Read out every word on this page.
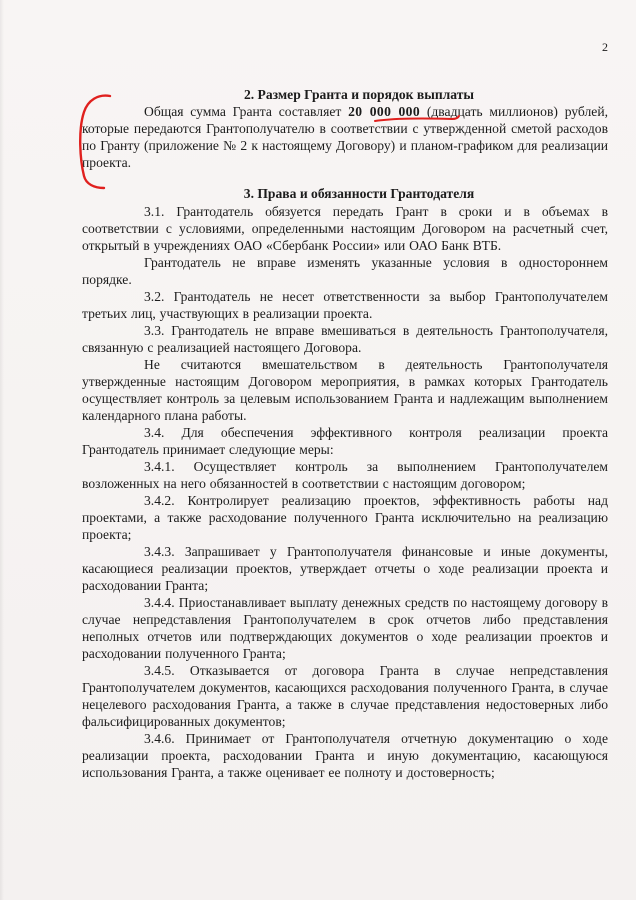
2

2. Размер Гранта и порядок выплаты

Общая сумма Гранта составляет 20 000 000 (двадцать миллионов) рублей, которые передаются Грантополучателю в соответствии с утвержденной сметой расходов по Гранту (приложение № 2 к настоящему Договору) и планом-графиком для реализации проекта.

3. Права и обязанности Грантодателя

3.1. Грантодатель обязуется передать Грант в сроки и в объемах в соответствии с условиями, определенными настоящим Договором на расчетный счет, открытый в учреждениях ОАО «Сбербанк России» или ОАО Банк ВТБ.

Грантодатель не вправе изменять указанные условия в одностороннем порядке.

3.2. Грантодатель не несет ответственности за выбор Грантополучателем третьих лиц, участвующих в реализации проекта.

3.3. Грантодатель не вправе вмешиваться в деятельность Грантополучателя, связанную с реализацией настоящего Договора.

Не считаются вмешательством в деятельность Грантополучателя утвержденные настоящим Договором мероприятия, в рамках которых Грантодатель осуществляет контроль за целевым использованием Гранта и надлежащим выполнением календарного плана работы.

3.4. Для обеспечения эффективного контроля реализации проекта Грантодатель принимает следующие меры:

3.4.1. Осуществляет контроль за выполнением Грантополучателем возложенных на него обязанностей в соответствии с настоящим договором;

3.4.2. Контролирует реализацию проектов, эффективность работы над проектами, а также расходование полученного Гранта исключительно на реализацию проекта;

3.4.3. Запрашивает у Грантополучателя финансовые и иные документы, касающиеся реализации проектов, утверждает отчеты о ходе реализации проекта и расходовании Гранта;

3.4.4. Приостанавливает выплату денежных средств по настоящему договору в случае непредставления Грантополучателем в срок отчетов либо представления неполных отчетов или подтверждающих документов о ходе реализации проектов и расходовании полученного Гранта;

3.4.5. Отказывается от договора Гранта в случае непредставления Грантополучателем документов, касающихся расходования полученного Гранта, в случае нецелевого расходования Гранта, а также в случае представления недостоверных либо фальсифицированных документов;

3.4.6. Принимает от Грантополучателя отчетную документацию о ходе реализации проекта, расходовании Гранта и иную документацию, касающуюся использования Гранта, а также оценивает ее полноту и достоверность;
